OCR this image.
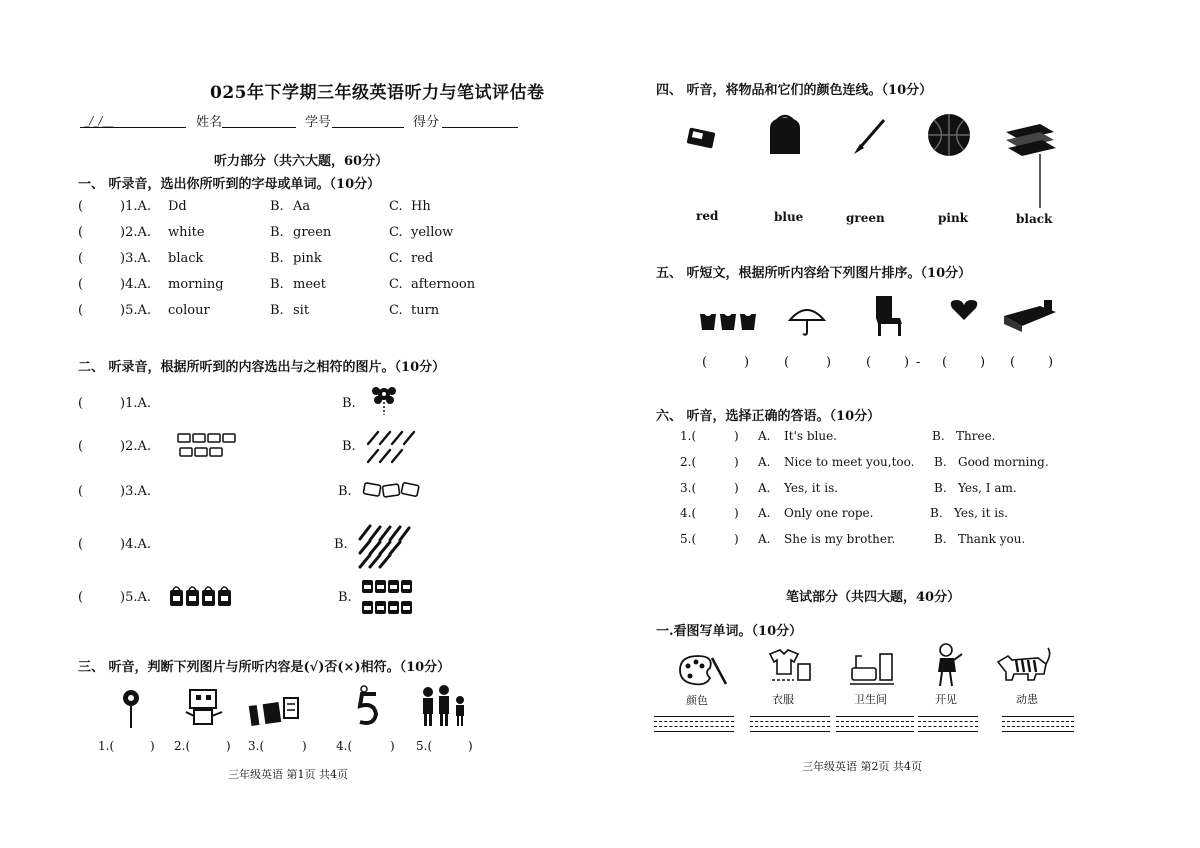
025年下学期三年级英语听力与笔试评估卷
_/_/__	姓名	学号	得分
听力部分（共六大题，60分）
一、 听录音，选出你所听到的字母或单词。（10分）
(	)1.A. Dd	B. Aa	C. Hh
(	)2.A. white	B. green	C. yellow
(	)3.A. black	B. pink	C. red
(	)4.A. morning	B. meet	C. afternoon
(	)5.A. colour	B. sit	C. turn
二、 听录音，根据所听到的内容选出与之相符的图片。（10分）
(	)1.A.	B.
(	)2.A.	B.
(	)3.A.	B.
(	)4.A.	B.
(	)5.A.	B.
三、 听音，判断下列图片与所听内容是(√)否(×)相符。（10分）
1.(	) 2.(	) 3.(	) 4.(	) 5.(	)
三年级英语 第1页 共4页
四、 听音，将物品和它们的颜色连线。（10分）
red	blue	green	pink	black
五、 听短文，根据所听内容给下列图片排序。（10分）
(	)	(	)	(	) - (	) (	)
六、 听音，选择正确的答语。（10分）
1.(	) A. It's blue.	B. Three.
2.(	) A. Nice to meet you,too. B. Good morning.
3.(	) A. Yes, it is.	B. Yes, I am.
4.(	) A. Only one rope.	B. Yes, it is.
5.(	) A. She is my brother.	B. Thank you.
笔试部分（共四大题，40分）
一.看图写单词。（10分）
颜色	衣服	卫生间	开见	动患
三年级英语 第2页 共4页
